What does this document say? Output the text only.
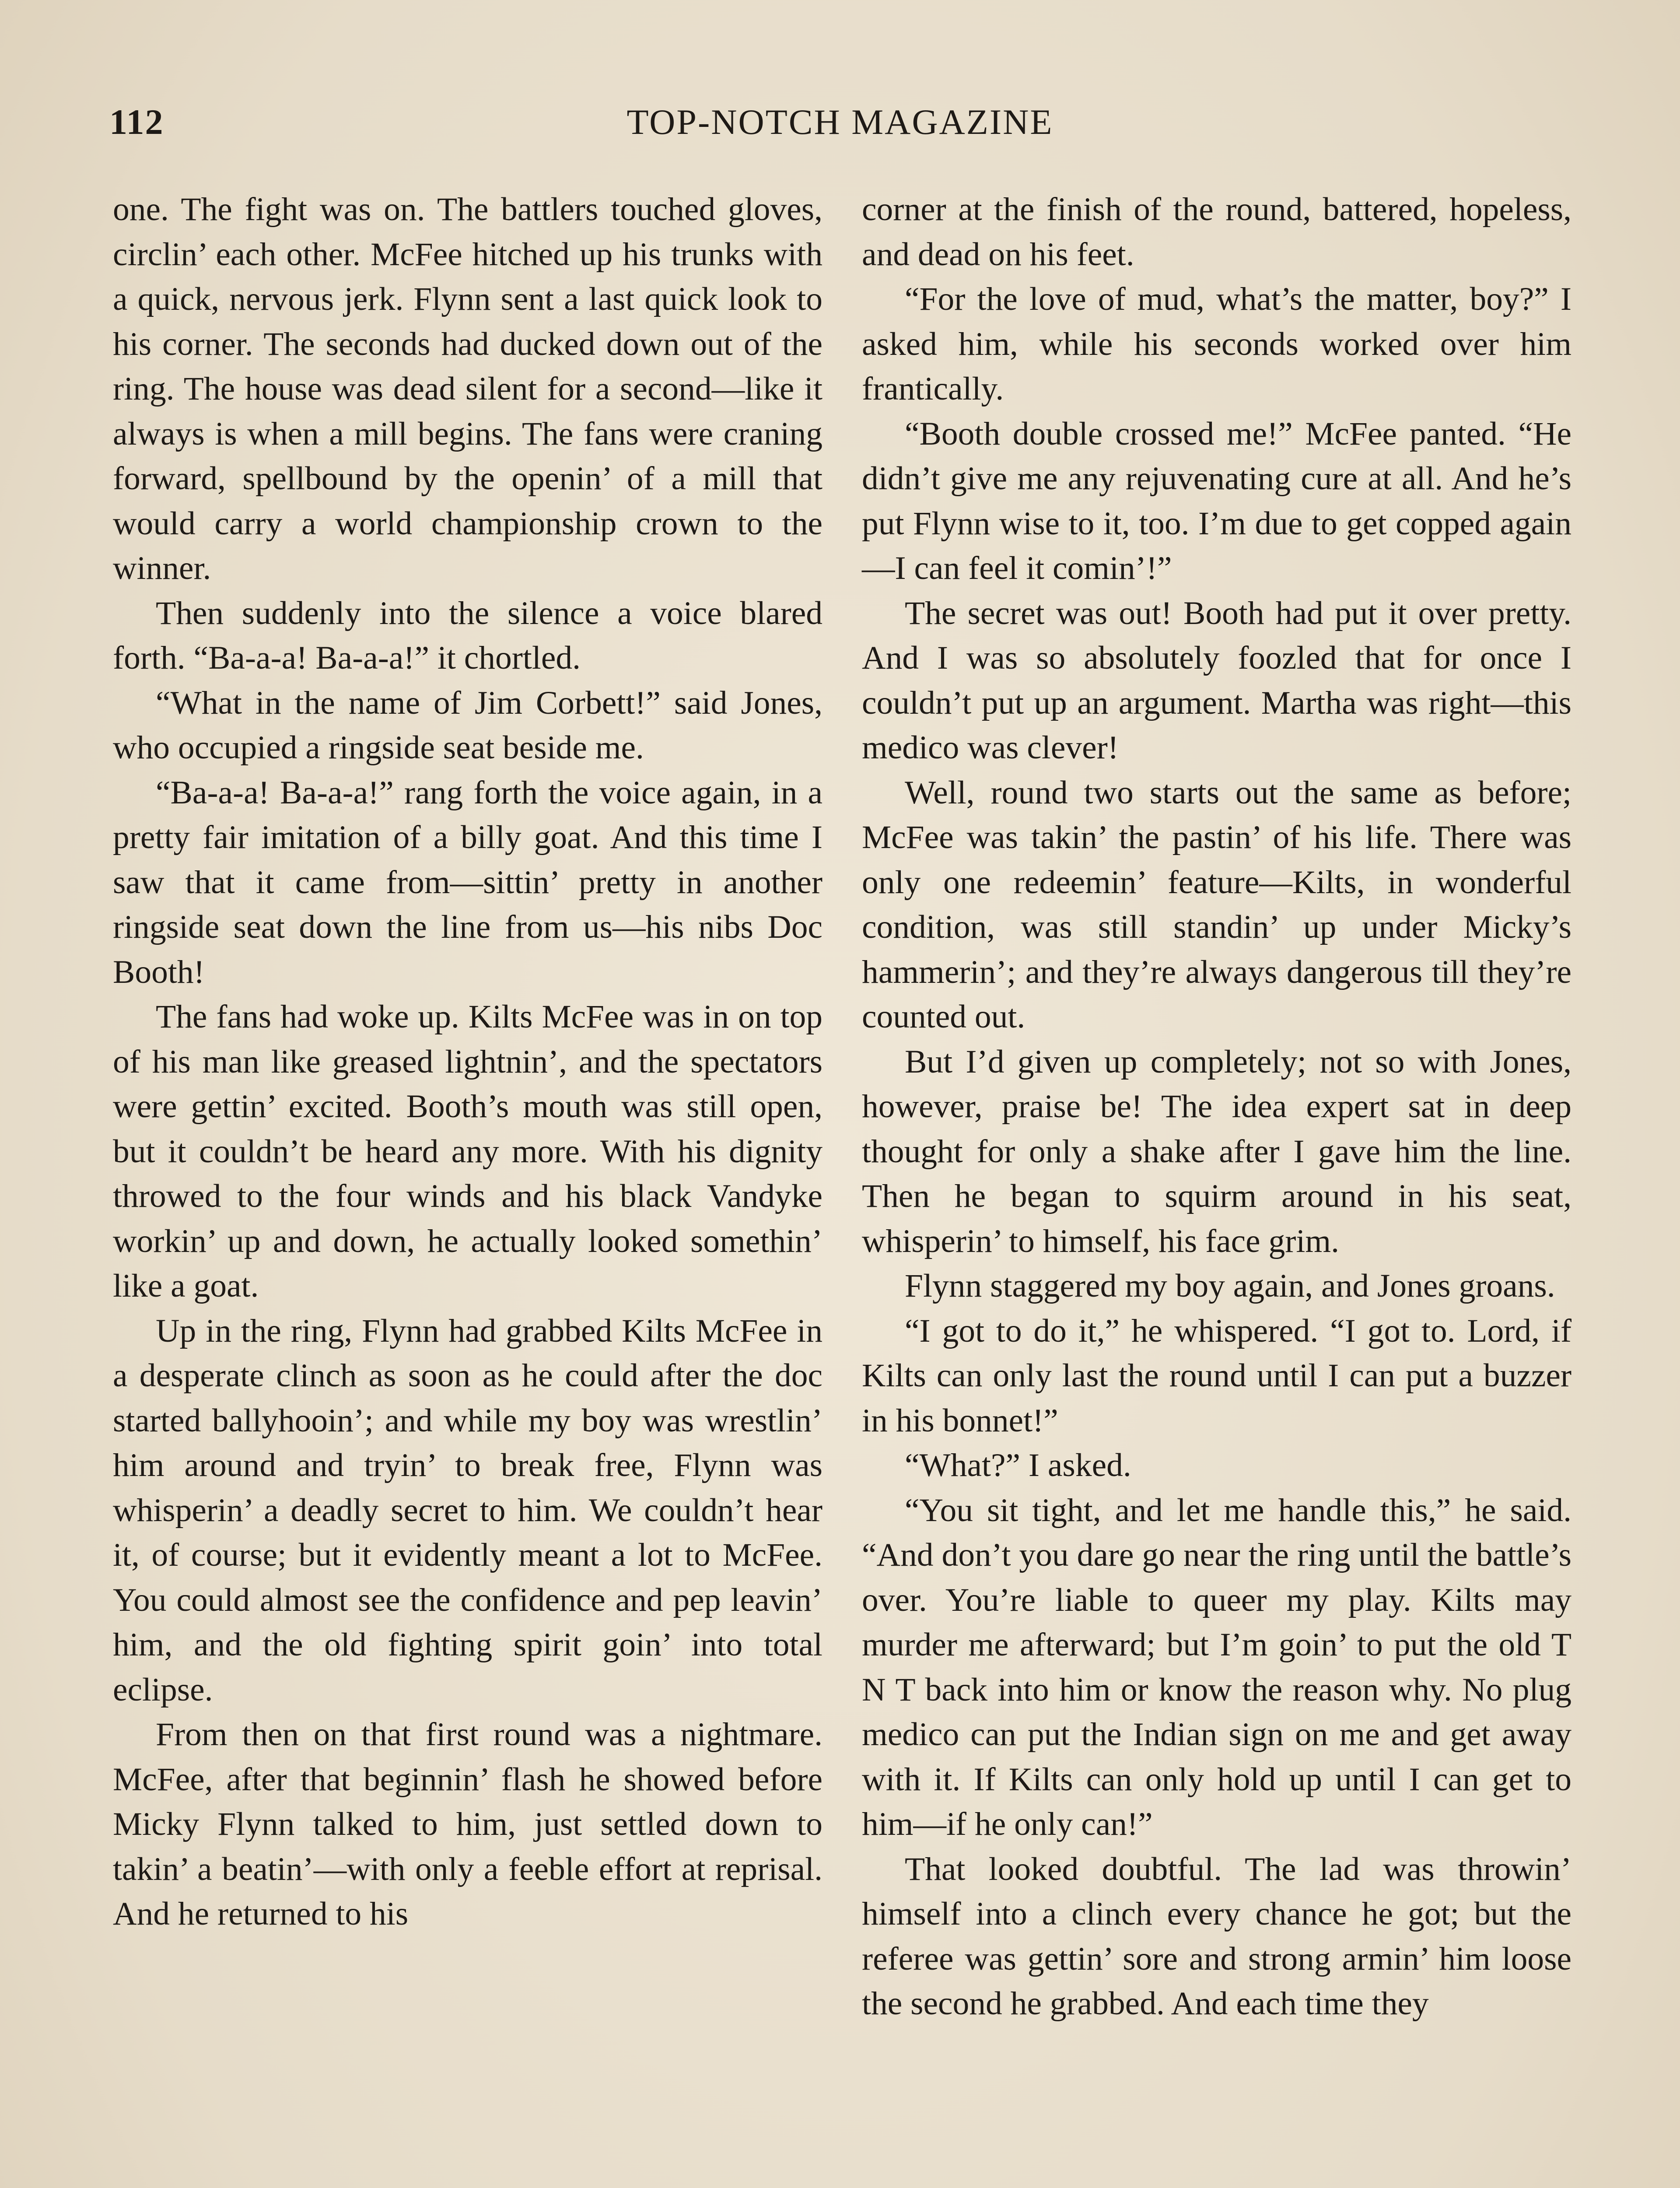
112	TOP-NOTCH MAGAZINE

one. The fight was on. The battlers touched gloves, circlin’ each other. McFee hitched up his trunks with a quick, nervous jerk. Flynn sent a last quick look to his corner. The seconds had ducked down out of the ring. The house was dead silent for a second—like it always is when a mill begins. The fans were craning forward, spellbound by the openin’ of a mill that would carry a world championship crown to the winner.

Then suddenly into the silence a voice blared forth. “Ba-a-a! Ba-a-a!” it chortled.

“What in the name of Jim Corbett!” said Jones, who occupied a ringside seat beside me.

“Ba-a-a! Ba-a-a!” rang forth the voice again, in a pretty fair imitation of a billy goat. And this time I saw that it came from—sittin’ pretty in another ringside seat down the line from us—his nibs Doc Booth!

The fans had woke up. Kilts McFee was in on top of his man like greased lightnin’, and the spectators were gettin’ excited. Booth’s mouth was still open, but it couldn’t be heard any more. With his dignity throwed to the four winds and his black Vandyke workin’ up and down, he actually looked somethin’ like a goat.

Up in the ring, Flynn had grabbed Kilts McFee in a desperate clinch as soon as he could after the doc started ballyhooin’; and while my boy was wrestlin’ him around and tryin’ to break free, Flynn was whisperin’ a deadly secret to him. We couldn’t hear it, of course; but it evidently meant a lot to McFee. You could almost see the confidence and pep leavin’ him, and the old fighting spirit goin’ into total eclipse.

From then on that first round was a nightmare. McFee, after that beginnin’ flash he showed before Micky Flynn talked to him, just settled down to takin’ a beatin’—with only a feeble effort at reprisal. And he returned to his

corner at the finish of the round, battered, hopeless, and dead on his feet.

“For the love of mud, what’s the matter, boy?” I asked him, while his seconds worked over him frantically.

“Booth double crossed me!” McFee panted. “He didn’t give me any rejuvenating cure at all. And he’s put Flynn wise to it, too. I’m due to get copped again—I can feel it comin’!”

The secret was out! Booth had put it over pretty. And I was so absolutely foozled that for once I couldn’t put up an argument. Martha was right—this medico was clever!

Well, round two starts out the same as before; McFee was takin’ the pastin’ of his life. There was only one redeemin’ feature—Kilts, in wonderful condition, was still standin’ up under Micky’s hammerin’; and they’re always dangerous till they’re counted out.

But I’d given up completely; not so with Jones, however, praise be! The idea expert sat in deep thought for only a shake after I gave him the line. Then he began to squirm around in his seat, whisperin’ to himself, his face grim.

Flynn staggered my boy again, and Jones groans.

“I got to do it,” he whispered. “I got to. Lord, if Kilts can only last the round until I can put a buzzer in his bonnet!”

“What?” I asked.

“You sit tight, and let me handle this,” he said. “And don’t you dare go near the ring until the battle’s over. You’re liable to queer my play. Kilts may murder me afterward; but I’m goin’ to put the old T N T back into him or know the reason why. No plug medico can put the Indian sign on me and get away with it. If Kilts can only hold up until I can get to him—if he only can!”

That looked doubtful. The lad was throwin’ himself into a clinch every chance he got; but the referee was gettin’ sore and strong armin’ him loose the second he grabbed. And each time they
